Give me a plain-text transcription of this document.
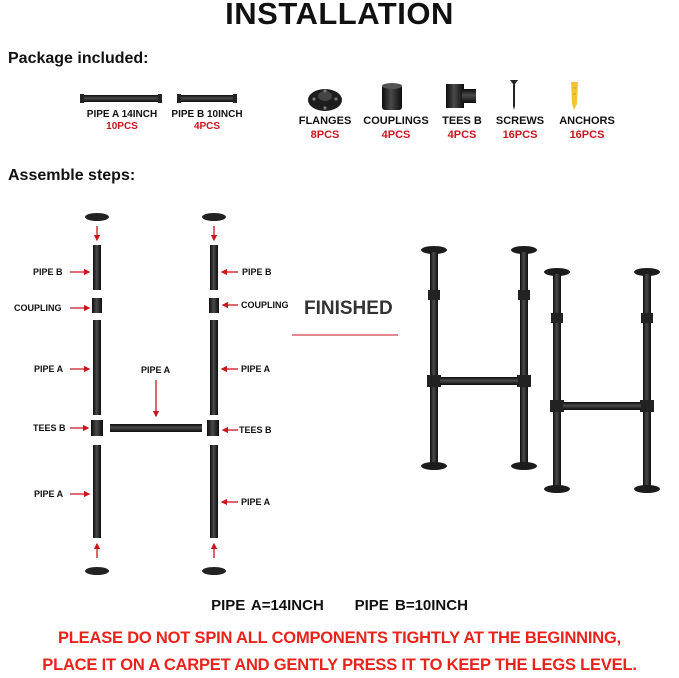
INSTALLATION
Package included:
PIPE A 14INCH
10PCS
PIPE B 10INCH
4PCS	FLANGES
8PCS
COUPLINGS
4PCS
TEES B
4PCS
SCREWS
16PCS
ANCHORS
16PCS
Assemble steps:
PIPE B
COUPLING
PIPE A	PIPE A
TEES B
PIPE A
PIPE B
COUPLING
PIPE A
TEES B
PIPE A
FINISHED
PIPE A=14INCH     PIPE B=10INCH
PLEASE DO NOT SPIN ALL COMPONENTS TIGHTLY AT THE BEGINNING,
PLACE IT ON A CARPET AND GENTLY PRESS IT TO KEEP THE LEGS LEVEL.
